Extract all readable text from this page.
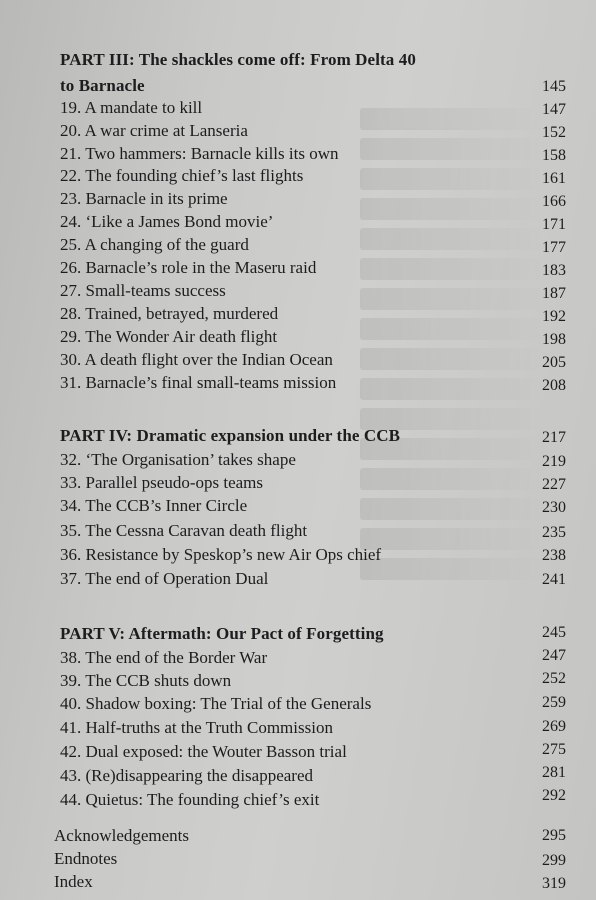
PART III: The shackles come off: From Delta 40
to Barnacle	145
19. A mandate to kill	147
20. A war crime at Lanseria	152
21. Two hammers: Barnacle kills its own	158
22. The founding chief’s last flights	161
23. Barnacle in its prime	166
24. ‘Like a James Bond movie’	171
25. A changing of the guard	177
26. Barnacle’s role in the Maseru raid	183
27. Small-teams success	187
28. Trained, betrayed, murdered	192
29. The Wonder Air death flight	198
30. A death flight over the Indian Ocean	205
31. Barnacle’s final small-teams mission	208
PART IV: Dramatic expansion under the CCB	217
32. ‘The Organisation’ takes shape	219
33. Parallel pseudo-ops teams	227
34. The CCB’s Inner Circle	230
35. The Cessna Caravan death flight	235
36. Resistance by Speskop’s new Air Ops chief	238
37. The end of Operation Dual	241
PART V: Aftermath: Our Pact of Forgetting	245
38. The end of the Border War	247
39. The CCB shuts down	252
40. Shadow boxing: The Trial of the Generals	259
41. Half-truths at the Truth Commission	269
42. Dual exposed: the Wouter Basson trial	275
43. (Re)disappearing the disappeared	281
44. Quietus: The founding chief’s exit	292
Acknowledgements	295
Endnotes	299
Index	319
